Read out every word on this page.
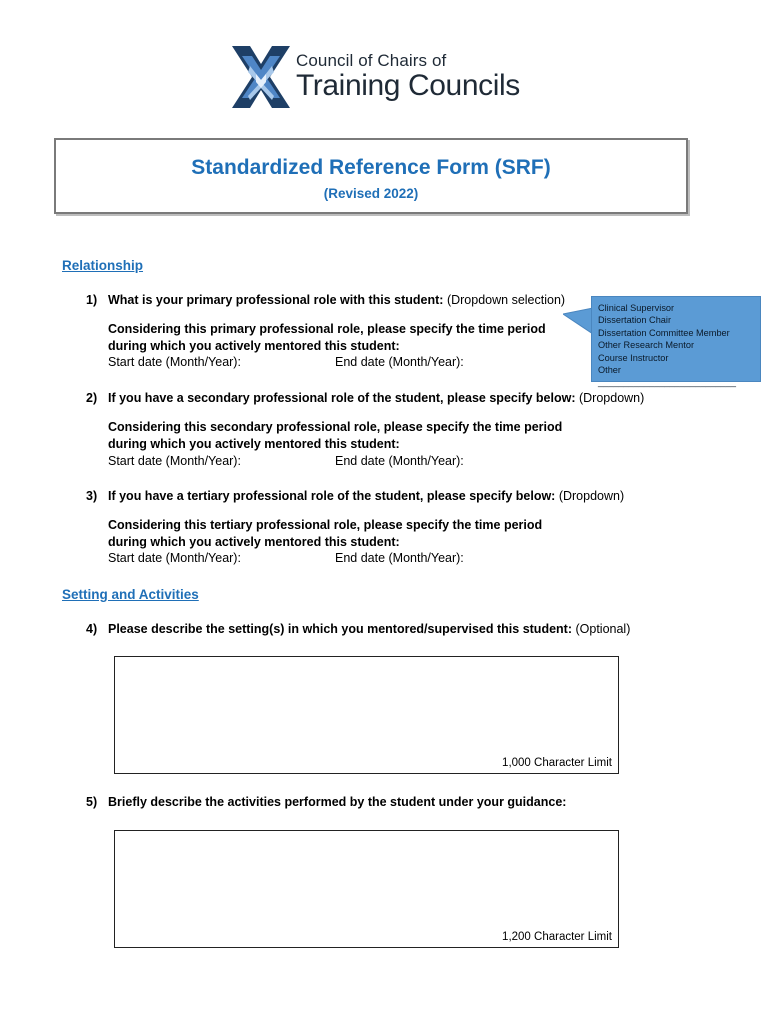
Council of Chairs of
Training Councils
Standardized Reference Form (SRF)
(Revised 2022)
Relationship
1) What is your primary professional role with this student: (Dropdown selection)
Considering this primary professional role, please specify the time period
during which you actively mentored this student:
Start date (Month/Year):	End date (Month/Year):
Clinical Supervisor
Dissertation Chair
Dissertation Committee Member
Other Research Mentor
Course Instructor
Other ___________________________
2) If you have a secondary professional role of the student, please specify below: (Dropdown)
Considering this secondary professional role, please specify the time period
during which you actively mentored this student:
Start date (Month/Year):	End date (Month/Year):
3) If you have a tertiary professional role of the student, please specify below: (Dropdown)
Considering this tertiary professional role, please specify the time period
during which you actively mentored this student:
Start date (Month/Year):	End date (Month/Year):
Setting and Activities
4) Please describe the setting(s) in which you mentored/supervised this student: (Optional)
1,000 Character Limit
5) Briefly describe the activities performed by the student under your guidance:
1,200 Character Limit
